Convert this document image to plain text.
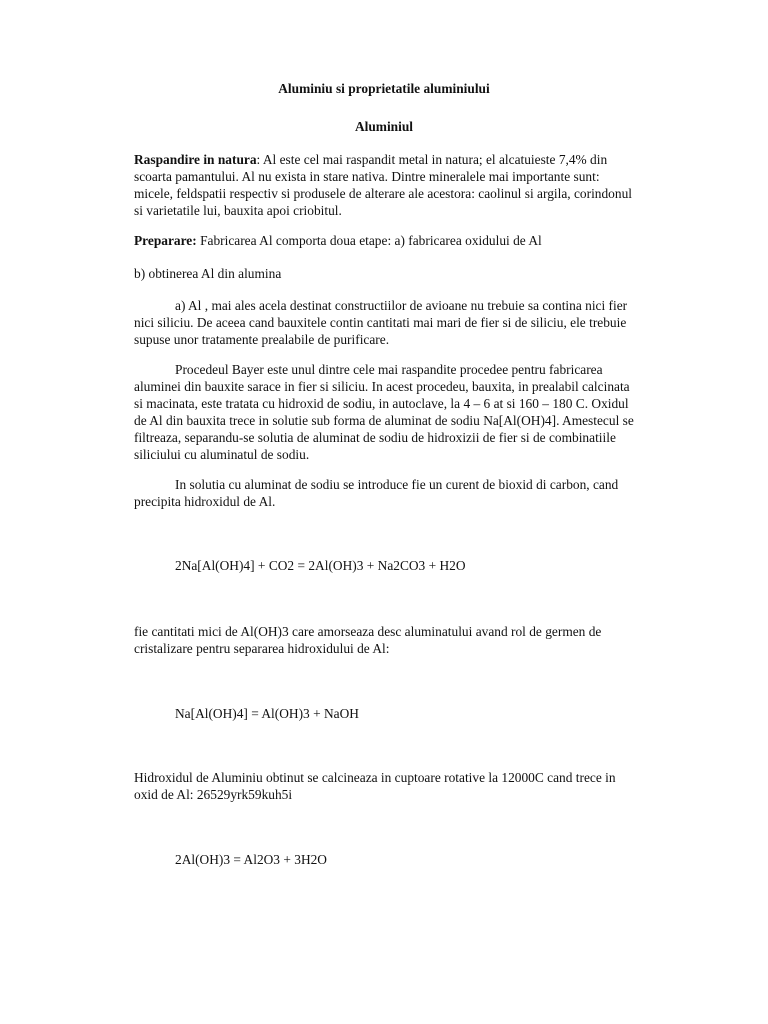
Aluminiu si proprietatile aluminiului

Aluminiul

Raspandire in natura: Al este cel mai raspandit metal in natura; el alcatuieste 7,4% din scoarta pamantului. Al nu exista in stare nativa. Dintre mineralele mai importante sunt: micele, feldspatii respectiv si produsele de alterare ale acestora: caolinul si argila, corindonul si varietatile lui, bauxita apoi criobitul.

Preparare: Fabricarea Al comporta doua etape: a) fabricarea oxidului de Al

b) obtinerea Al din alumina

a) Al , mai ales acela destinat constructiilor de avioane nu trebuie sa contina nici fier nici siliciu. De aceea cand bauxitele contin cantitati mai mari de fier si de siliciu, ele trebuie supuse unor tratamente prealabile de purificare.

Procedeul Bayer este unul dintre cele mai raspandite procedee pentru fabricarea aluminei din bauxite sarace in fier si siliciu. In acest procedeu, bauxita, in prealabil calcinata si macinata, este tratata cu hidroxid de sodiu, in autoclave, la 4 – 6 at si 160 – 180 C. Oxidul de Al din bauxita trece in solutie sub forma de aluminat de sodiu Na[Al(OH)4]. Amestecul se filtreaza, separandu-se solutia de aluminat de sodiu de hidroxizii de fier si de combinatiile siliciului cu aluminatul de sodiu.

In solutia cu aluminat de sodiu se introduce fie un curent de bioxid di carbon, cand precipita hidroxidul de Al.

2Na[Al(OH)4] + CO2 = 2Al(OH)3 + Na2CO3 + H2O

fie cantitati mici de Al(OH)3 care amorseaza desc aluminatului avand rol de germen de cristalizare pentru separarea hidroxidului de Al:

Na[Al(OH)4] = Al(OH)3 + NaOH

Hidroxidul de Aluminiu obtinut se calcineaza in cuptoare rotative la 12000C cand trece in oxid de Al: 26529yrk59kuh5i

2Al(OH)3 = Al2O3 + 3H2O
